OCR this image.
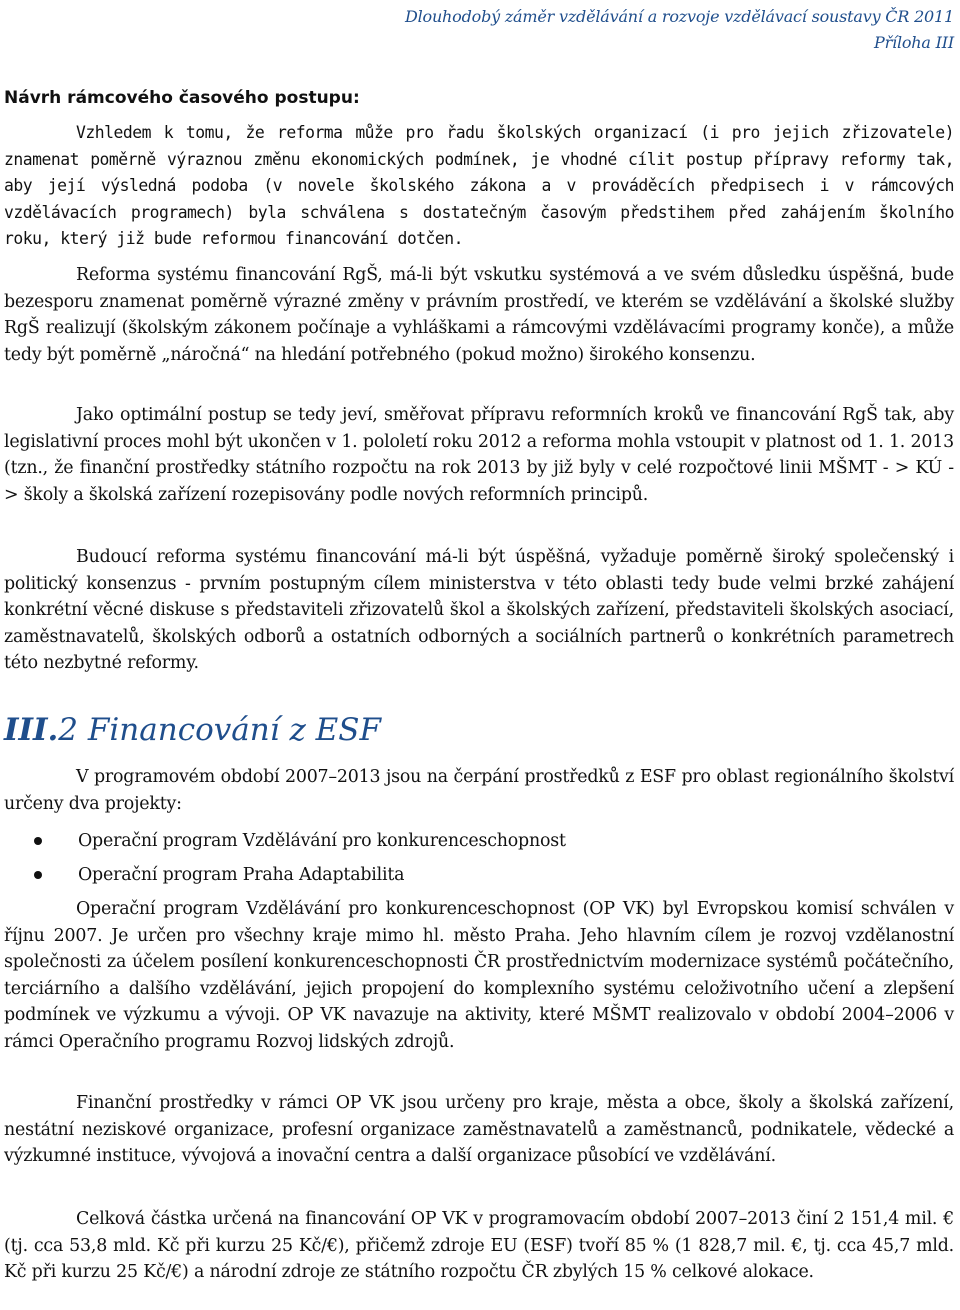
Dlouhodobý záměr vzdělávání a rozvoje vzdělávací soustavy ČR 2011
Příloha III
Návrh rámcového časového postupu:

Vzhledem k tomu, že reforma může pro řadu školských organizací (i pro jejich zřizovatele) znamenat poměrně výraznou změnu ekonomických podmínek, je vhodné cílit postup přípravy reformy tak, aby její výsledná podoba (v novele školského zákona a v prováděcích předpisech i v rámcových vzdělávacích programech) byla schválena s dostatečným časovým předstihem před zahájením školního roku, který již bude reformou financování dotčen.

Reforma systému financování RgŠ, má-li být vskutku systémová a ve svém důsledku úspěšná, bude bezesporu znamenat poměrně výrazné změny v právním prostředí, ve kterém se vzdělávání a školské služby RgŠ realizují (školským zákonem počínaje a vyhláškami a rámcovými vzdělávacími programy konče), a může tedy být poměrně „náročná“ na hledání potřebného (pokud možno) širokého konsenzu.

Jako optimální postup se tedy jeví, směřovat přípravu reformních kroků ve financování RgŠ tak, aby legislativní proces mohl být ukončen v 1. pololetí roku 2012 a reforma mohla vstoupit v platnost od 1. 1. 2013 (tzn., že finanční prostředky státního rozpočtu na rok 2013 by již byly v celé rozpočtové linii MŠMT - > KÚ - > školy a školská zařízení rozepisovány podle nových reformních principů.

Budoucí reforma systému financování má-li být úspěšná, vyžaduje poměrně široký společenský i politický konsenzus - prvním postupným cílem ministerstva v této oblasti tedy bude velmi brzké zahájení konkrétní věcné diskuse s představiteli zřizovatelů škol a školských zařízení, představiteli školských asociací, zaměstnavatelů, školských odborů a ostatních odborných a sociálních partnerů o konkrétních parametrech této nezbytné reformy.

III.2 Financování z ESF

V programovém období 2007–2013 jsou na čerpání prostředků z ESF pro oblast regionálního školství určeny dva projekty:

Operační program Vzdělávání pro konkurenceschopnost
Operační program Praha Adaptabilita

Operační program Vzdělávání pro konkurenceschopnost (OP VK) byl Evropskou komisí schválen v říjnu 2007. Je určen pro všechny kraje mimo hl. město Praha. Jeho hlavním cílem je rozvoj vzdělanostní společnosti za účelem posílení konkurenceschopnosti ČR prostřednictvím modernizace systémů počátečního, terciárního a dalšího vzdělávání, jejich propojení do komplexního systému celoživotního učení a zlepšení podmínek ve výzkumu a vývoji. OP VK navazuje na aktivity, které MŠMT realizovalo v období 2004–2006 v rámci Operačního programu Rozvoj lidských zdrojů.

Finanční prostředky v rámci OP VK jsou určeny pro kraje, města a obce, školy a školská zařízení, nestátní neziskové organizace, profesní organizace zaměstnavatelů a zaměstnanců, podnikatele, vědecké a výzkumné instituce, vývojová a inovační centra a další organizace působící ve vzdělávání.

Celková částka určená na financování OP VK v programovacím období 2007–2013 činí 2 151,4 mil. € (tj. cca 53,8 mld. Kč při kurzu 25 Kč/€), přičemž zdroje EU (ESF) tvoří 85 % (1 828,7 mil. €, tj. cca 45,7 mld. Kč při kurzu 25 Kč/€) a národní zdroje ze státního rozpočtu ČR zbylých 15 % celkové alokace.
